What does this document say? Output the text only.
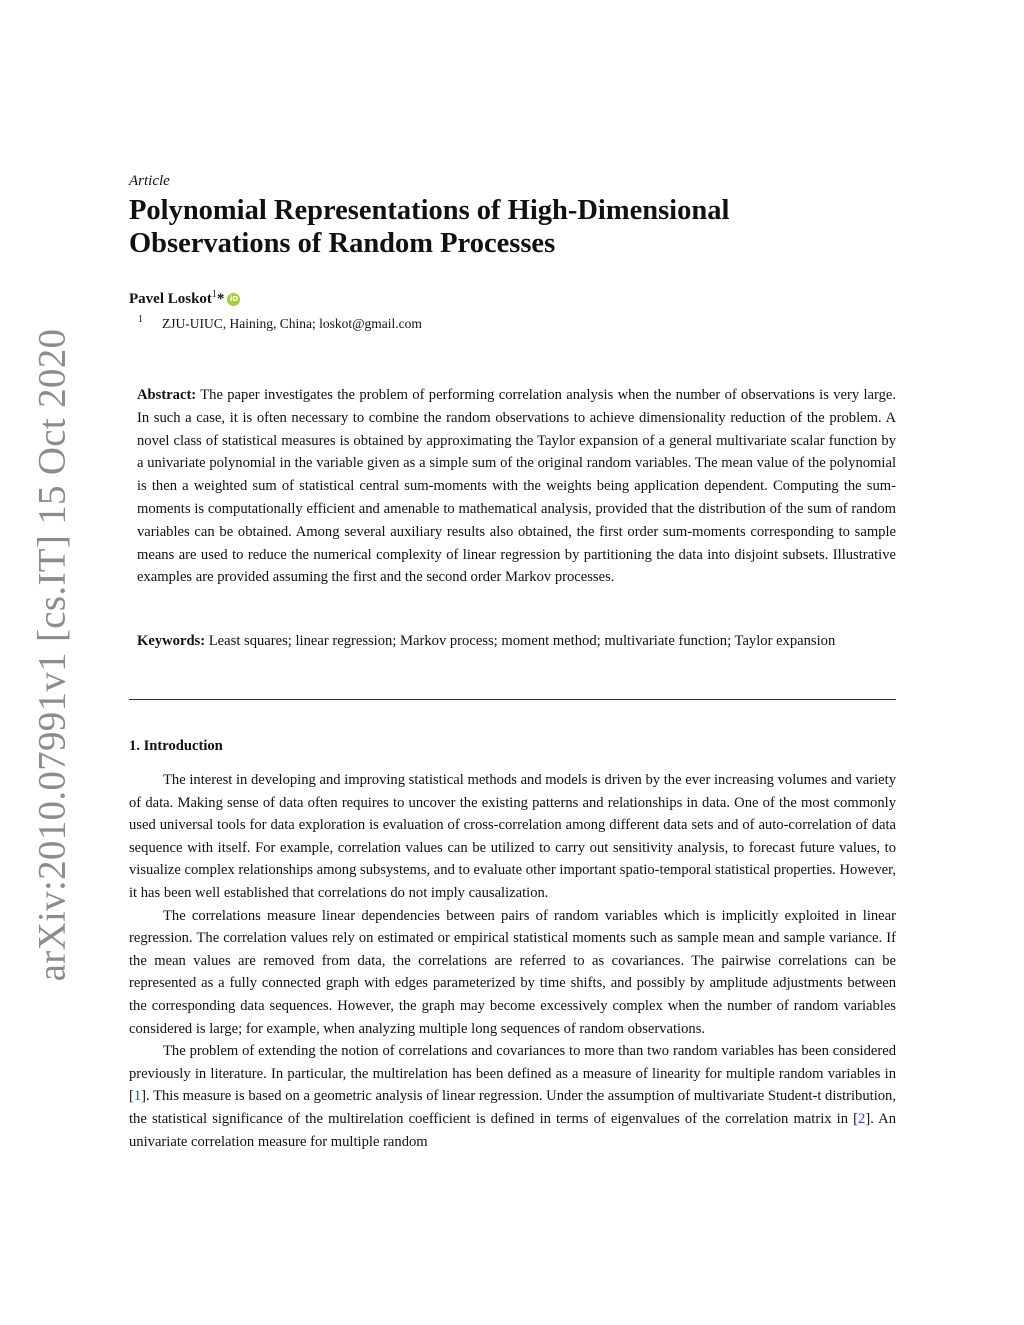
arXiv:2010.07991v1 [cs.IT] 15 Oct 2020
Article
Polynomial Representations of High-Dimensional Observations of Random Processes
Pavel Loskot$^1$* iD
1 ZJU-UIUC, Haining, China; loskot@gmail.com

Abstract: The paper investigates the problem of performing correlation analysis when the number of observations is very large. In such a case, it is often necessary to combine the random observations to achieve dimensionality reduction of the problem. A novel class of statistical measures is obtained by approximating the Taylor expansion of a general multivariate scalar function by a univariate polynomial in the variable given as a simple sum of the original random variables. The mean value of the polynomial is then a weighted sum of statistical central sum-moments with the weights being application dependent. Computing the sum-moments is computationally efficient and amenable to mathematical analysis, provided that the distribution of the sum of random variables can be obtained. Among several auxiliary results also obtained, the first order sum-moments corresponding to sample means are used to reduce the numerical complexity of linear regression by partitioning the data into disjoint subsets. Illustrative examples are provided assuming the first and the second order Markov processes.

Keywords: Least squares; linear regression; Markov process; moment method; multivariate function; Taylor expansion

1. Introduction

The interest in developing and improving statistical methods and models is driven by the ever increasing volumes and variety of data. Making sense of data often requires to uncover the existing patterns and relationships in data. One of the most commonly used universal tools for data exploration is evaluation of cross-correlation among different data sets and of auto-correlation of data sequence with itself. For example, correlation values can be utilized to carry out sensitivity analysis, to forecast future values, to visualize complex relationships among subsystems, and to evaluate other important spatio-temporal statistical properties. However, it has been well established that correlations do not imply causalization.

The correlations measure linear dependencies between pairs of random variables which is implicitly exploited in linear regression. The correlation values rely on estimated or empirical statistical moments such as sample mean and sample variance. If the mean values are removed from data, the correlations are referred to as covariances. The pairwise correlations can be represented as a fully connected graph with edges parameterized by time shifts, and possibly by amplitude adjustments between the corresponding data sequences. However, the graph may become excessively complex when the number of random variables considered is large; for example, when analyzing multiple long sequences of random observations.

The problem of extending the notion of correlations and covariances to more than two random variables has been considered previously in literature. In particular, the multirelation has been defined as a measure of linearity for multiple random variables in [1]. This measure is based on a geometric analysis of linear regression. Under the assumption of multivariate Student-t distribution, the statistical significance of the multirelation coefficient is defined in terms of eigenvalues of the correlation matrix in [2]. An univariate correlation measure for multiple random
